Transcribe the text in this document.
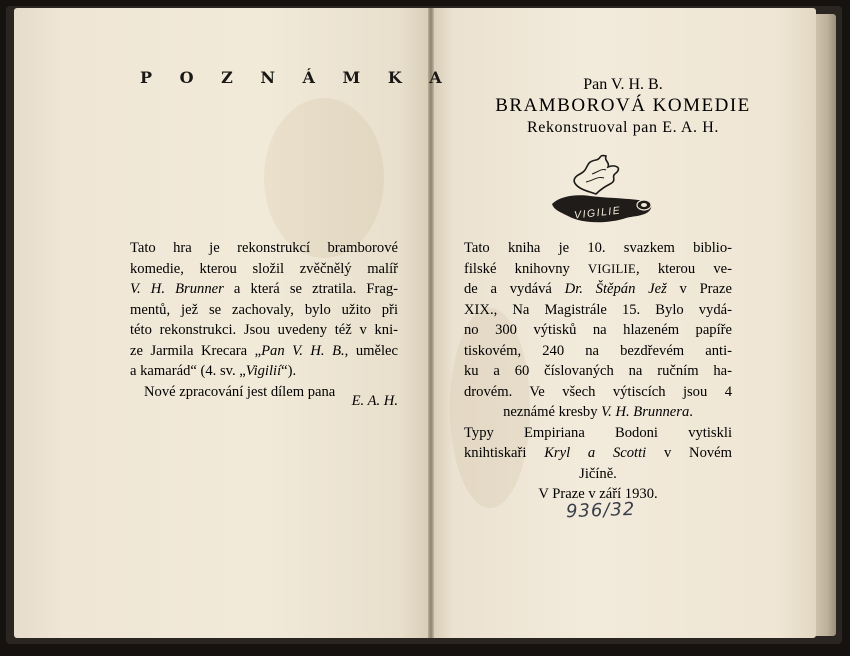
P O Z N Á M K A
Tato hra je rekonstrukcí bramborové
komedie, kterou složil zvěčnělý malíř
V. H. Brunner a která se ztratila. Frag-
mentů, jež se zachovaly, bylo užito při
této rekonstrukci. Jsou uvedeny též v kni-
ze Jarmila Krecara „Pan V. H. B., umělec
a kamarád“ (4. sv. „Vigilií“).
Nové zpracování jest dílem pana
E. A. H.
Pan V. H. B.
BRAMBOROVÁ KOMEDIE
Rekonstruoval pan E. A. H.
VIGILIE
Tato kniha je 10. svazkem biblio-
filské knihovny VIGILIE, kterou ve-
de a vydává Dr. Štěpán Jež v Praze
XIX., Na Magistrále 15. Bylo vydá-
no 300 výtisků na hlazeném papíře
tiskovém, 240 na bezdřevém anti-
ku a 60 číslovaných na ručním ha-
drovém. Ve všech výtiscích jsou 4
neznámé kresby V. H. Brunnera.
Typy Empiriana Bodoni vytiskli
knihtiskaři Kryl a Scotti v Novém
Jičíně.
V Praze v září 1930.
936/32
